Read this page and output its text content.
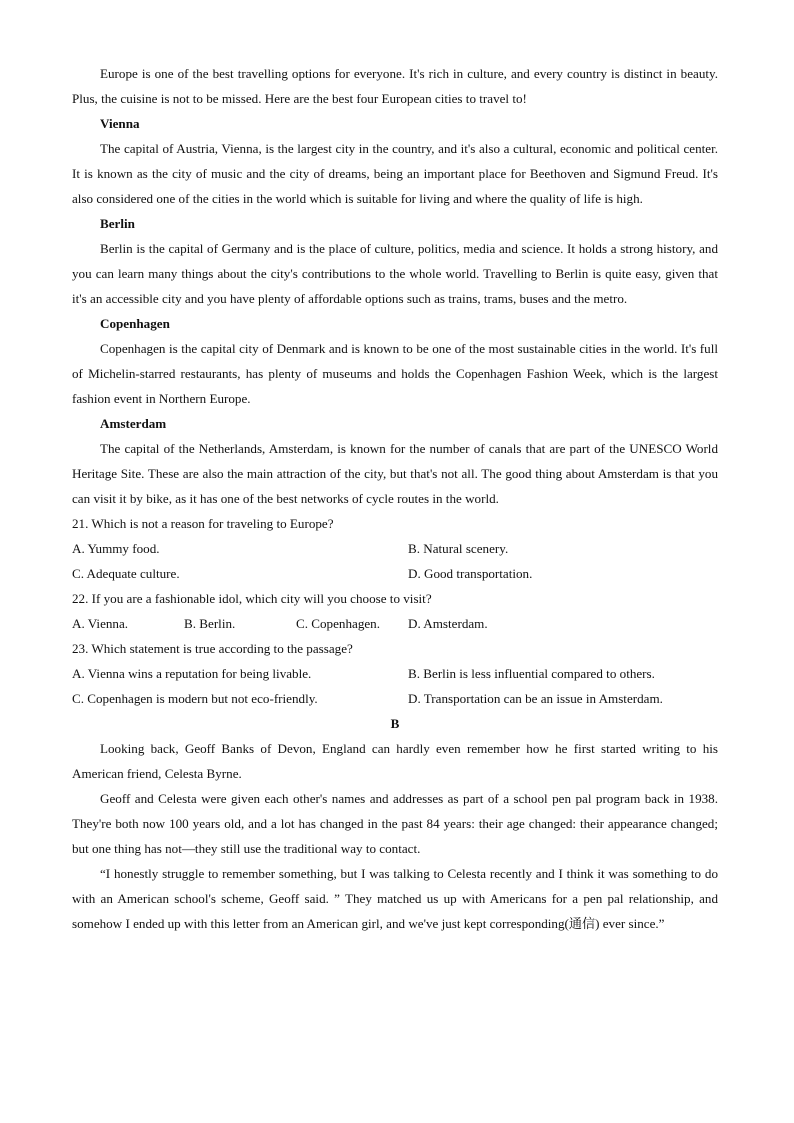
Europe is one of the best travelling options for everyone. It's rich in culture, and every country is distinct in beauty. Plus, the cuisine is not to be missed. Here are the best four European cities to travel to!

Vienna

The capital of Austria, Vienna, is the largest city in the country, and it's also a cultural, economic and political center. It is known as the city of music and the city of dreams, being an important place for Beethoven and Sigmund Freud. It's also considered one of the cities in the world which is suitable for living and where the quality of life is high.

Berlin

Berlin is the capital of Germany and is the place of culture, politics, media and science. It holds a strong history, and you can learn many things about the city's contributions to the whole world. Travelling to Berlin is quite easy, given that it's an accessible city and you have plenty of affordable options such as trains, trams, buses and the metro.

Copenhagen

Copenhagen is the capital city of Denmark and is known to be one of the most sustainable cities in the world. It's full of Michelin-starred restaurants, has plenty of museums and holds the Copenhagen Fashion Week, which is the largest fashion event in Northern Europe.

Amsterdam

The capital of the Netherlands, Amsterdam, is known for the number of canals that are part of the UNESCO World Heritage Site. These are also the main attraction of the city, but that's not all. The good thing about Amsterdam is that you can visit it by bike, as it has one of the best networks of cycle routes in the world.

21. Which is not a reason for traveling to Europe?

A. Yummy food.	B. Natural scenery.
C. Adequate culture.	D. Good transportation.

22. If you are a fashionable idol, which city will you choose to visit?

A. Vienna.	B. Berlin.	C. Copenhagen.	D. Amsterdam.

23. Which statement is true according to the passage?

A. Vienna wins a reputation for being livable.	B. Berlin is less influential compared to others.
C. Copenhagen is modern but not eco-friendly.	D. Transportation can be an issue in Amsterdam.

B

Looking back, Geoff Banks of Devon, England can hardly even remember how he first started writing to his American friend, Celesta Byrne.

Geoff and Celesta were given each other's names and addresses as part of a school pen pal program back in 1938. They're both now 100 years old, and a lot has changed in the past 84 years: their age changed: their appearance changed; but one thing has not—they still use the traditional way to contact.

“I honestly struggle to remember something, but I was talking to Celesta recently and I think it was something to do with an American school's scheme, Geoff said. ” They matched us up with Americans for a pen pal relationship, and somehow I ended up with this letter from an American girl, and we've just kept corresponding(通信) ever since.”
